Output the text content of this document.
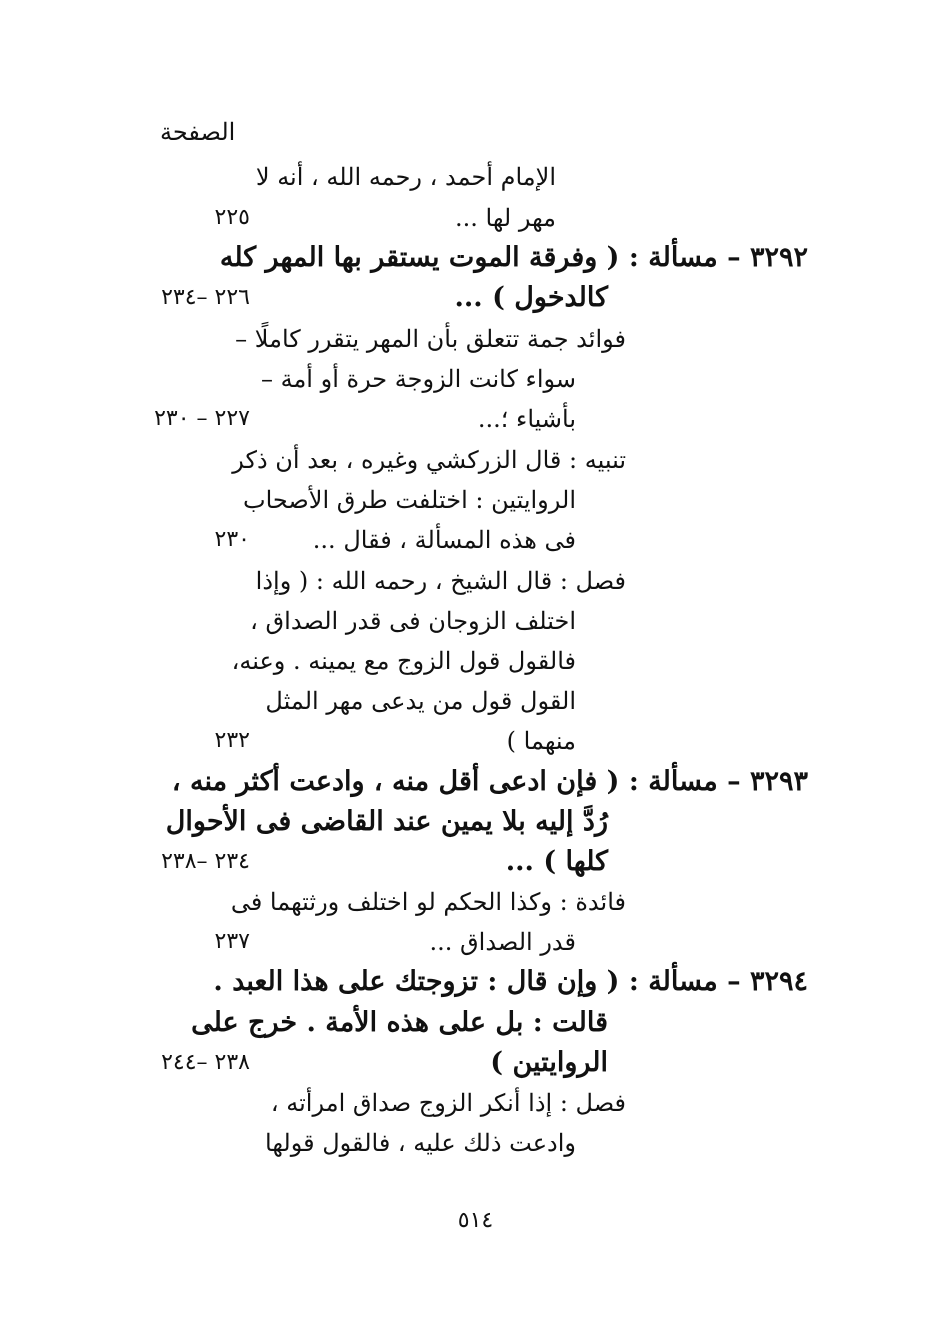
الصفحة
الإمام أحمد ، رحمه الله ، أنه لا
مهر لها ...
٢٢٥
٣٢٩٢ – مسألة : ( وفرقة الموت يستقر بها المهر كله
كالدخول ) ...
٢٢٦ –٢٣٤
فوائد جمة تتعلق بأن المهر يتقرر كاملًا –
سواء كانت الزوجة حرة أو أمة –
بأشياء ؛...
٢٢٧ – ٢٣٠
تنبيه : قال الزركشي وغيره ، بعد أن ذكر
الروايتين : اختلفت طرق الأصحاب
فى هذه المسألة ، فقال ...
٢٣٠
فصل : قال الشيخ ، رحمه الله : ( وإذا
اختلف الزوجان فى قدر الصداق ،
فالقول قول الزوج مع يمينه . وعنه،
القول قول من يدعى مهر المثل
منهما )
٢٣٢
٣٢٩٣ – مسألة : ( فإن ادعى أقل منه ، وادعت أكثر منه ،
رُدَّ إليه بلا يمين عند القاضى فى الأحوال
كلها ) ...
٢٣٤ –٢٣٨
فائدة : وكذا الحكم لو اختلف ورثتهما فى
قدر الصداق ...
٢٣٧
٣٢٩٤ – مسألة : ( وإن قال : تزوجتك على هذا العبد .
قالت : بل على هذه الأمة . خرج على
الروايتين )
٢٣٨ –٢٤٤
فصل : إذا أنكر الزوج صداق امرأته ،
وادعت ذلك عليه ، فالقول قولها
٥١٤
